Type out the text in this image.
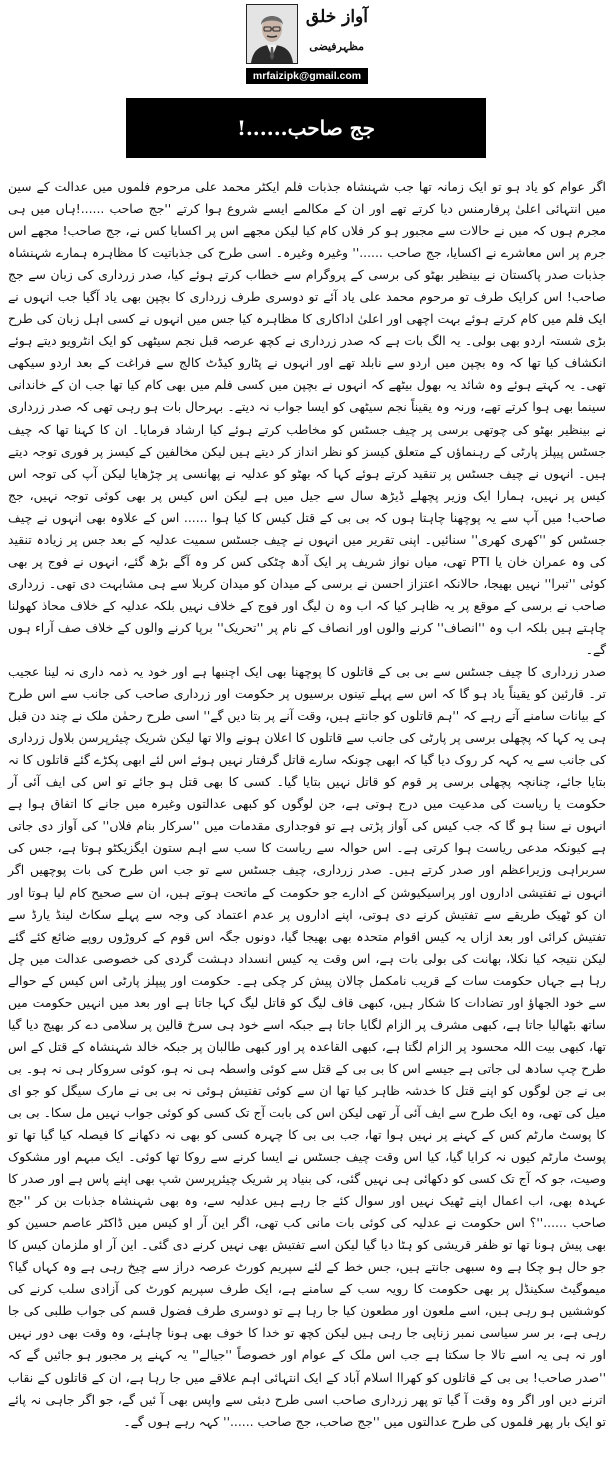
آواز خلق
مظہرفیضی
mrfaizipk@gmail.com
جج صاحب......!

اگر عوام کو یاد ہو تو ایک زمانہ تھا جب شہنشاہ جذبات فلم ایکٹر محمد علی مرحوم فلموں میں عدالت کے سین میں انتہائی اعلیٰ پرفارمنس دیا کرتے تھے اور ان کے مکالمے ایسے شروع ہوا کرتے ''جج صاحب ......!ہاں میں ہی مجرم ہوں کہ میں نے حالات سے مجبور ہو کر فلاں کام کیا لیکن مجھے اس پر اکسایا کس نے، جج صاحب! مجھے اس جرم پر اس معاشرے نے اکسایا، جج صاحب ......'' وغیرہ وغیرہ۔ اسی طرح کی جذباتیت کا مظاہرہ ہمارے شہنشاہ جذبات صدر پاکستان نے بینظیر بھٹو کی برسی کے پروگرام سے خطاب کرتے ہوئے کیا، صدر زرداری کی زبان سے جج صاحب! اس کرایک طرف تو مرحوم محمد علی یاد آئے تو دوسری طرف زرداری کا بچپن بھی یاد آگیا جب انہوں نے ایک فلم میں کام کرتے ہوئے بہت اچھی اور اعلیٰ اداکاری کا مظاہرہ کیا جس میں انہوں نے کسی اہل زبان کی طرح بڑی شستہ اردو بھی بولی۔ یہ الگ بات ہے کہ صدر زرداری نے کچھ عرصہ قبل نجم سیٹھی کو ایک انٹرویو دیتے ہوئے انکشاف کیا تھا کہ وہ بچپن میں اردو سے نابلد تھے اور انہوں نے پٹارو کیڈٹ کالج سے فراغت کے بعد اردو سیکھی تھی۔ یہ کہتے ہوئے وہ شائد یہ بھول بیٹھے کہ انہوں نے بچپن میں کسی فلم میں بھی کام کیا تھا جب ان کے خاندانی سینما بھی ہوا کرتے تھے، ورنہ وہ یقیناً نجم سیٹھی کو ایسا جواب نہ دیتے۔ بہرحال بات ہو رہی تھی کہ صدر زرداری نے بینظیر بھٹو کی چوتھی برسی پر چیف جسٹس کو مخاطب کرتے ہوئے کیا ارشاد فرمایا۔ ان کا کہنا تھا کہ چیف جسٹس پیپلز پارٹی کے رہنماؤں کے متعلق کیسز کو نظر انداز کر دیتے ہیں لیکن مخالفین کے کیسز پر فوری توجہ دیتے ہیں۔ انہوں نے چیف جسٹس پر تنقید کرتے ہوئے کہا کہ بھٹو کو عدلیہ نے پھانسی پر چڑھایا لیکن آپ کی توجہ اس کیس پر نہیں، ہمارا ایک وزیر پچھلے ڈیڑھ سال سے جیل میں ہے لیکن اس کیس پر بھی کوئی توجہ نہیں، جج صاحب! میں آپ سے یہ پوچھنا چاہتا ہوں کہ بی بی کے قتل کیس کا کیا ہوا ...... اس کے علاوہ بھی انہوں نے چیف جسٹس کو ''کھری کھری'' سنائیں۔ اپنی تقریر میں انہوں نے چیف جسٹس سمیت عدلیہ کے بعد جس پر زیادہ تنقید کی وہ عمران خان یا PTI تھی، میاں نواز شریف پر ایک آدھ چٹکی کس کر وہ آگے بڑھ گئے، انہوں نے فوج پر بھی کوئی ''تبرا'' نہیں بھیجا، حالانکہ اعتزاز احسن نے برسی کے میدان کو میدان کربلا سے ہی مشابہت دی تھی۔ زرداری صاحب نے برسی کے موقع پر یہ ظاہر کیا کہ اب وہ ن لیگ اور فوج کے خلاف نہیں بلکہ عدلیہ کے خلاف محاذ کھولنا چاہتے ہیں بلکہ اب وہ ''انصاف'' کرنے والوں اور انصاف کے نام پر ''تحریک'' برپا کرنے والوں کے خلاف صف آراء ہوں گے۔

صدر زرداری کا چیف جسٹس سے بی بی کے قاتلوں کا پوچھنا بھی ایک اچنبھا ہے اور خود یہ ذمہ داری نہ لینا عجیب تر۔ قارئین کو یقیناً یاد ہو گا کہ اس سے پہلے تینوں برسیوں پر حکومت اور زرداری صاحب کی جانب سے اس طرح کے بیانات سامنے آتے رہے کہ ''ہم قاتلوں کو جانتے ہیں، وقت آنے پر بتا دیں گے'' اسی طرح رحمٰن ملک نے چند دن قبل ہی یہ کہا کہ پچھلی برسی پر پارٹی کی جانب سے قاتلوں کا اعلان ہونے والا تھا لیکن شریک چیئرپرسن بلاول زرداری کی جانب سے یہ کہہ کر روک دیا گیا کہ ابھی چونکہ سارے قاتل گرفتار نہیں ہوئے اس لئے ابھی پکڑے گئے قاتلوں کا نہ بتایا جائے، چنانچہ پچھلی برسی پر قوم کو قاتل نہیں بتایا گیا۔ کسی کا بھی قتل ہو جائے تو اس کی ایف آئی آر حکومت یا ریاست کی مدعیت میں درج ہوتی ہے، جن لوگوں کو کبھی عدالتوں وغیرہ میں جانے کا اتفاق ہوا ہے انہوں نے سنا ہو گا کہ جب کیس کی آواز پڑتی ہے تو فوجداری مقدمات میں ''سرکار بنام فلاں'' کی آواز دی جاتی ہے کیونکہ مدعی ریاست ہوا کرتی ہے۔ اس حوالہ سے ریاست کا سب سے اہم ستون ایگزیکٹو ہوتا ہے، جس کی سربراہی وزیراعظم اور صدر کرتے ہیں۔ صدر زرداری، چیف جسٹس سے تو جب اس طرح کی بات پوچھیں اگر انہوں نے تفتیشی اداروں اور پراسیکیوشن کے ادارے جو حکومت کے ماتحت ہوتے ہیں، ان سے صحیح کام لیا ہوتا اور ان کو ٹھیک طریقے سے تفتیش کرنے دی ہوتی، اپنے اداروں پر عدم اعتماد کی وجہ سے پہلے سکاٹ لینڈ یارڈ سے تفتیش کرائی اور بعد ازاں یہ کیس اقوام متحدہ بھی بھیجا گیا، دونوں جگہ اس قوم کے کروڑوں روپے ضائع کئے گئے لیکن نتیجہ کیا نکلا، بھانت کی بولی بات ہے، اس وقت یہ کیس انسداد دہشت گردی کی خصوصی عدالت میں چل رہا ہے جہاں حکومت سات کے قریب نامکمل چالان پیش کر چکی ہے۔ حکومت اور پیپلز پارٹی اس کیس کے حوالے سے خود الجھاؤ اور تضادات کا شکار ہیں، کبھی قاف لیگ کو قاتل لیگ کہا جاتا ہے اور بعد میں انہیں حکومت میں ساتھ بٹھالیا جاتا ہے، کبھی مشرف پر الزام لگایا جاتا ہے جبکہ اسے خود ہی سرخ قالین پر سلامی دے کر بھیج دیا گیا تھا، کبھی بیت اللہ محسود پر الزام لگتا ہے، کبھی القاعدہ پر اور کبھی طالبان پر جبکہ خالد شہنشاہ کے قتل کے اس طرح چپ سادھ لی جاتی ہے جیسے اس کا بی بی کے قتل سے کوئی واسطہ ہی نہ ہو، کوئی سروکار ہی نہ ہو۔ بی بی نے جن لوگوں کو اپنے قتل کا خدشہ ظاہر کیا تھا ان سے کوئی تفتیش ہوئی نہ بی بی نے مارک سیگل کو جو ای میل کی تھی، وہ ایک طرح سے ایف آئی آر تھی لیکن اس کی بابت آج تک کسی کو کوئی جواب نہیں مل سکا۔ بی بی کا پوسٹ مارٹم کس کے کہنے پر نہیں ہوا تھا، جب بی بی کا چہرہ کسی کو بھی نہ دکھانے کا فیصلہ کیا گیا تھا تو پوسٹ مارٹم کیوں نہ کرایا گیا، کیا اس وقت چیف جسٹس نے ایسا کرنے سے روکا تھا کوئی۔ ایک مبہم اور مشکوک وصیت، جو کہ آج تک کسی کو دکھائی ہی نہیں گئی، کی بنیاد پر شریک چیئرپرسن شپ بھی اپنے پاس ہے اور صدر کا عہدہ بھی، اب اعمال اپنے ٹھیک نہیں اور سوال کئے جا رہے ہیں عدلیہ سے، وہ بھی شہنشاہ جذبات بن کر ''جج صاحب ......''؟ اس حکومت نے عدلیہ کی کوئی بات مانی کب تھی، اگر این آر او کیس میں ڈاکٹر عاصم حسین کو بھی پیش ہونا تھا تو ظفر قریشی کو ہٹا دیا گیا لیکن اسے تفتیش بھی نہیں کرنے دی گئی۔ این آر او ملزمان کیس کا جو حال ہو چکا ہے وہ سبھی جانتے ہیں، جس خط کے لئے سپریم کورٹ عرصہ دراز سے چیخ رہی ہے وہ کہاں گیا؟ میموگیٹ سکینڈل پر بھی حکومت کا رویہ سب کے سامنے ہے، ایک طرف سپریم کورٹ کی آزادی سلب کرنے کی کوششیں ہو رہی ہیں، اسے ملعون اور مطعون کیا جا رہا ہے تو دوسری طرف فضول قسم کی جواب طلبی کی جا رہی ہے، بر سر سیاسی نمبر زناپی جا رہی ہیں لیکن کچھ تو خدا کا خوف بھی ہونا چاہئے، وہ وقت بھی دور نہیں اور نہ ہی یہ اسے تالا جا سکتا ہے جب اس ملک کے عوام اور خصوصاً ''جیالے'' یہ کہنے پر مجبور ہو جائیں گے کہ ''صدر صاحب! بی بی کے قاتلوں کو کھراا اسلام آباد کے ایک انتہائی اہم علاقے میں جا رہا ہے، ان کے قاتلوں کے نقاب اترنے دیں اور اگر وہ وقت آ گیا تو پھر زرداری صاحب اسی طرح دبئی سے واپس بھی آ ئیں گے، جو اگر جاہی نہ پائے تو ایک بار پھر فلموں کی طرح عدالتوں میں ''جج صاحب، جج صاحب ......'' کہہ رہے ہوں گے۔
